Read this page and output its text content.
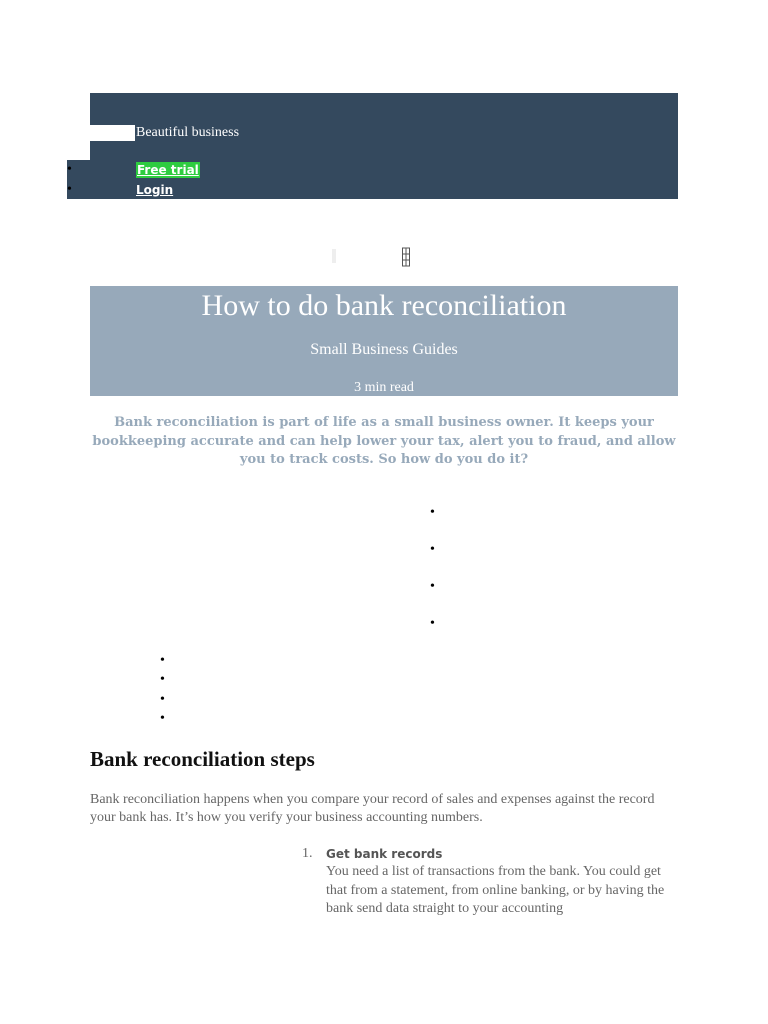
Beautiful business
•	Free trial
•	Login
How to do bank reconciliation
Small Business Guides
3 min read
Bank reconciliation is part of life as a small business owner. It keeps your bookkeeping accurate and can help lower your tax, alert you to fraud, and allow you to track costs. So how do you do it?
•
•
•
•
•
•
•
•
Bank reconciliation steps

Bank reconciliation happens when you compare your record of sales and expenses against the record your bank has. It’s how you verify your business accounting numbers.

1. Get bank records
You need a list of transactions from the bank. You could get that from a statement, from online banking, or by having the bank send data straight to your accounting
